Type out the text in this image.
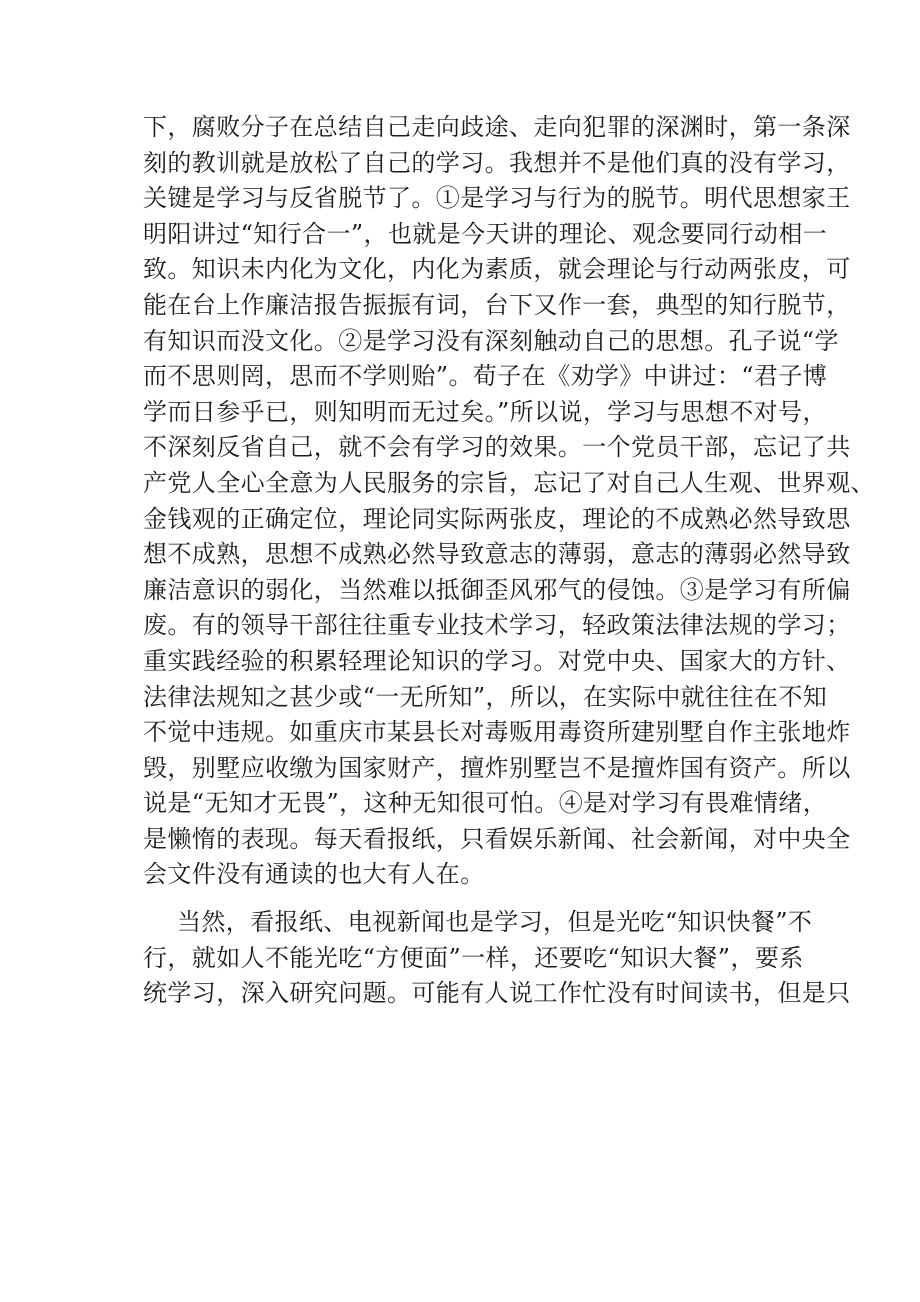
下，腐败分子在总结自己走向歧途、走向犯罪的深渊时，第一条深
刻的教训就是放松了自己的学习。我想并不是他们真的没有学习，
关键是学习与反省脱节了。①是学习与行为的脱节。明代思想家王
明阳讲过“知行合一”，也就是今天讲的理论、观念要同行动相一
致。知识未内化为文化，内化为素质，就会理论与行动两张皮，可
能在台上作廉洁报告振振有词，台下又作一套，典型的知行脱节，
有知识而没文化。②是学习没有深刻触动自己的思想。孔子说“学
而不思则罔，思而不学则贻”。荀子在《劝学》中讲过：“君子博
学而日参乎已，则知明而无过矣。”所以说，学习与思想不对号，
不深刻反省自己，就不会有学习的效果。一个党员干部，忘记了共
产党人全心全意为人民服务的宗旨，忘记了对自己人生观、世界观、
金钱观的正确定位，理论同实际两张皮，理论的不成熟必然导致思
想不成熟，思想不成熟必然导致意志的薄弱，意志的薄弱必然导致
廉洁意识的弱化，当然难以抵御歪风邪气的侵蚀。③是学习有所偏
废。有的领导干部往往重专业技术学习，轻政策法律法规的学习；
重实践经验的积累轻理论知识的学习。对党中央、国家大的方针、
法律法规知之甚少或“一无所知”，所以，在实际中就往往在不知
不觉中违规。如重庆市某县长对毒贩用毒资所建别墅自作主张地炸
毁，别墅应收缴为国家财产，擅炸别墅岂不是擅炸国有资产。所以
说是“无知才无畏”，这种无知很可怕。④是对学习有畏难情绪，
是懒惰的表现。每天看报纸，只看娱乐新闻、社会新闻，对中央全
会文件没有通读的也大有人在。
当然，看报纸、电视新闻也是学习，但是光吃“知识快餐”不
行，就如人不能光吃“方便面”一样，还要吃“知识大餐”，要系
统学习，深入研究问题。可能有人说工作忙没有时间读书，但是只
